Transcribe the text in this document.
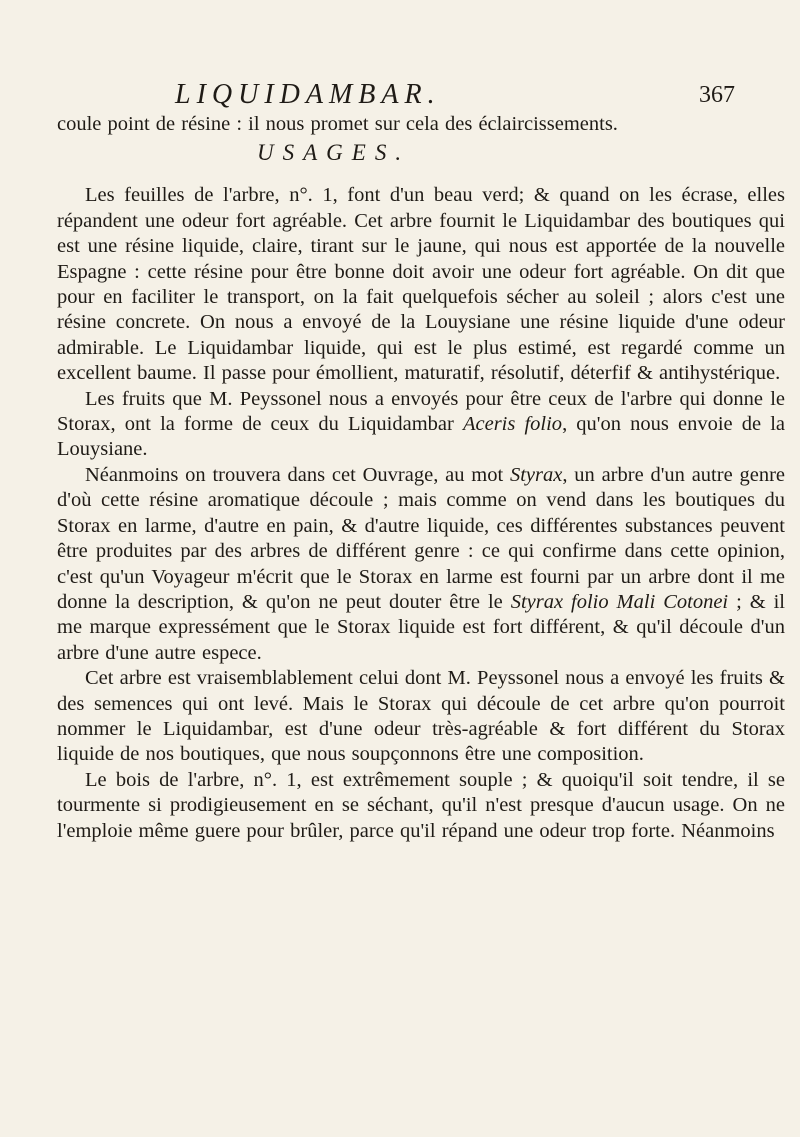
LIQUIDAMBAR.	367

coule point de résine : il nous promet sur cela des éclaircissements.

USAGES.

Les feuilles de l'arbre, n°. 1, font d'un beau verd; & quand on les écrase, elles répandent une odeur fort agréable. Cet arbre fournit le Liquidambar des boutiques qui est une résine liquide, claire, tirant sur le jaune, qui nous est apportée de la nouvelle Espagne : cette résine pour être bonne doit avoir une odeur fort agréable. On dit que pour en faciliter le transport, on la fait quelquefois sécher au soleil ; alors c'est une résine concrete. On nous a envoyé de la Louysiane une résine liquide d'une odeur admirable. Le Liquidambar liquide, qui est le plus estimé, est regardé comme un excellent baume. Il passe pour émollient, maturatif, résolutif, déterfif & antihystérique.

Les fruits que M. Peyssonel nous a envoyés pour être ceux de l'arbre qui donne le Storax, ont la forme de ceux du Liquidambar Aceris folio, qu'on nous envoie de la Louysiane.

Néanmoins on trouvera dans cet Ouvrage, au mot Styrax, un arbre d'un autre genre d'où cette résine aromatique découle ; mais comme on vend dans les boutiques du Storax en larme, d'autre en pain, & d'autre liquide, ces différentes substances peuvent être produites par des arbres de différent genre : ce qui confirme dans cette opinion, c'est qu'un Voyageur m'écrit que le Storax en larme est fourni par un arbre dont il me donne la description, & qu'on ne peut douter être le Styrax folio Mali Cotonei ; & il me marque expressément que le Storax liquide est fort différent, & qu'il découle d'un arbre d'une autre espece.

Cet arbre est vraisemblablement celui dont M. Peyssonel nous a envoyé les fruits & des semences qui ont levé. Mais le Storax qui découle de cet arbre qu'on pourroit nommer le Liquidambar, est d'une odeur très-agréable & fort différent du Storax liquide de nos boutiques, que nous soupçonnons être une composition.

Le bois de l'arbre, n°. 1, est extrêmement souple ; & quoiqu'il soit tendre, il se tourmente si prodigieusement en se séchant, qu'il n'est presque d'aucun usage. On ne l'emploie même guere pour brûler, parce qu'il répand une odeur trop forte. Néanmoins
